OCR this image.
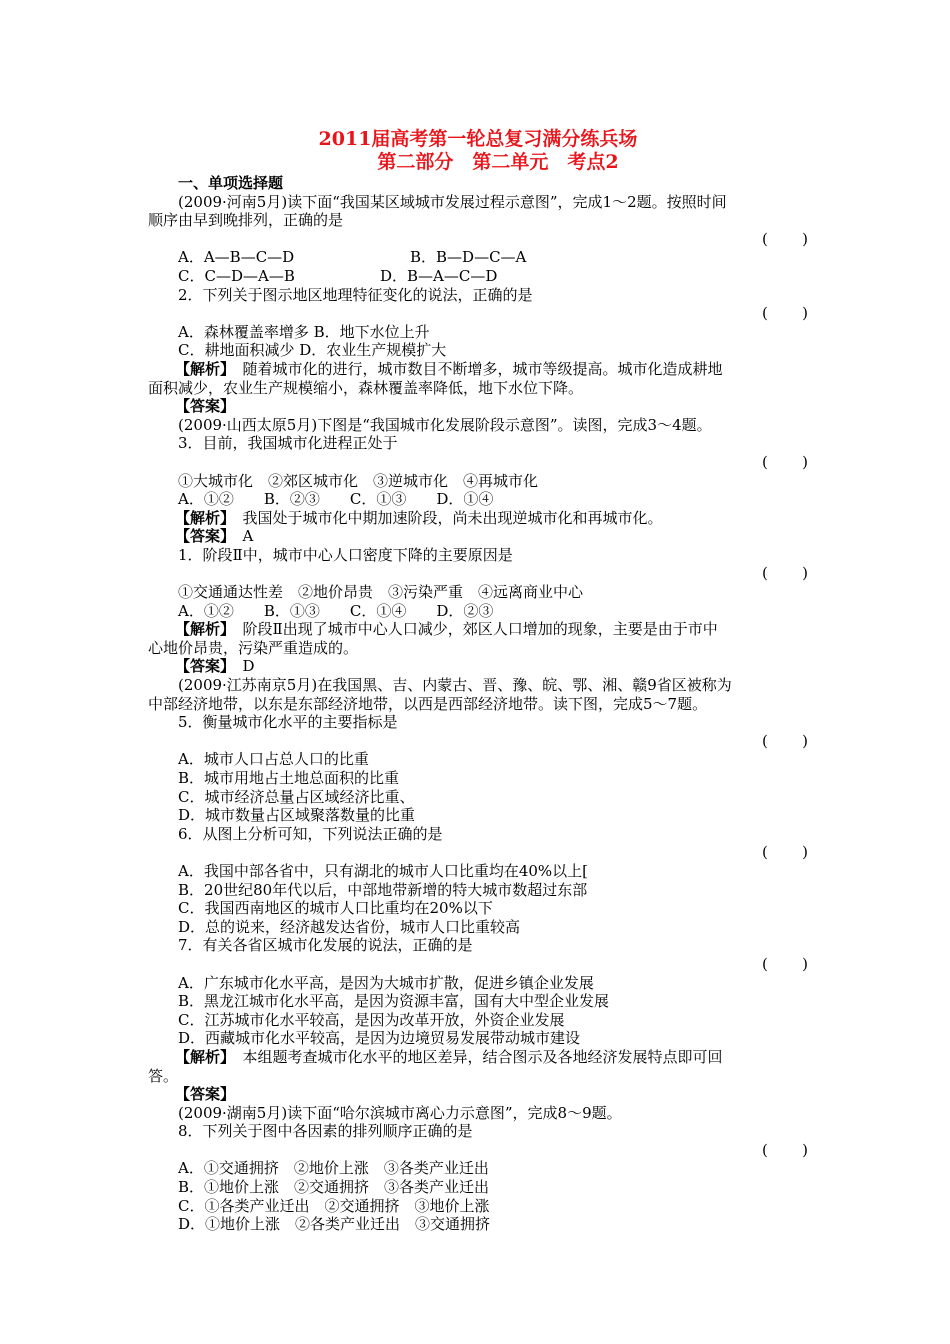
2011届高考第一轮总复习满分练兵场
第二部分　第二单元　考点2
一、单项选择题
(2009·河南5月)读下面“我国某区域城市发展过程示意图”，完成1～2题。按照时间
顺序由早到晚排列，正确的是
(　　)
A．A—B—C—D	B．B—D—C—A
C．C—D—A—B	D．B—A—C—D
2．下列关于图示地区地理特征变化的说法，正确的是
(　　)
A．森林覆盖率增多 B．地下水位上升
C．耕地面积减少 D．农业生产规模扩大
【解析】　随着城市化的进行，城市数目不断增多，城市等级提高。城市化造成耕地
面积减少，农业生产规模缩小，森林覆盖率降低，地下水位下降。
【答案】
(2009·山西太原5月)下图是“我国城市化发展阶段示意图”。读图，完成3～4题。
3．目前，我国城市化进程正处于
(　　)
①大城市化　②郊区城市化　③逆城市化　④再城市化
A．①②　　B．②③　　C．①③　　D．①④
【解析】　我国处于城市化中期加速阶段，尚未出现逆城市化和再城市化。
【答案】　A
1．阶段Ⅱ中，城市中心人口密度下降的主要原因是
(　　)
①交通通达性差　②地价昂贵　③污染严重　④远离商业中心
A．①②　　B．①③　　C．①④　　D．②③
【解析】　阶段Ⅱ出现了城市中心人口减少，郊区人口增加的现象，主要是由于市中
心地价昂贵，污染严重造成的。
【答案】　D
(2009·江苏南京5月)在我国黑、吉、内蒙古、晋、豫、皖、鄂、湘、赣9省区被称为
中部经济地带，以东是东部经济地带，以西是西部经济地带。读下图，完成5～7题。
5．衡量城市化水平的主要指标是
(　　)
A．城市人口占总人口的比重
B．城市用地占土地总面积的比重
C．城市经济总量占区域经济比重、
D．城市数量占区域聚落数量的比重
6．从图上分析可知，下列说法正确的是
(　　)
A．我国中部各省中，只有湖北的城市人口比重均在40%以上[
B．20世纪80年代以后，中部地带新增的特大城市数超过东部
C．我国西南地区的城市人口比重均在20%以下
D．总的说来，经济越发达省份，城市人口比重较高
7．有关各省区城市化发展的说法，正确的是
(　　)
A．广东城市化水平高，是因为大城市扩散，促进乡镇企业发展
B．黑龙江城市化水平高，是因为资源丰富，国有大中型企业发展
C．江苏城市化水平较高，是因为改革开放，外资企业发展
D．西藏城市化水平较高，是因为边境贸易发展带动城市建设
【解析】　本组题考查城市化水平的地区差异，结合图示及各地经济发展特点即可回
答。
【答案】
(2009·湖南5月)读下面“哈尔滨城市离心力示意图”，完成8～9题。
8．下列关于图中各因素的排列顺序正确的是
(　　)
A．①交通拥挤　②地价上涨　③各类产业迁出
B．①地价上涨　②交通拥挤　③各类产业迁出
C．①各类产业迁出　②交通拥挤　③地价上涨
D．①地价上涨　②各类产业迁出　③交通拥挤
